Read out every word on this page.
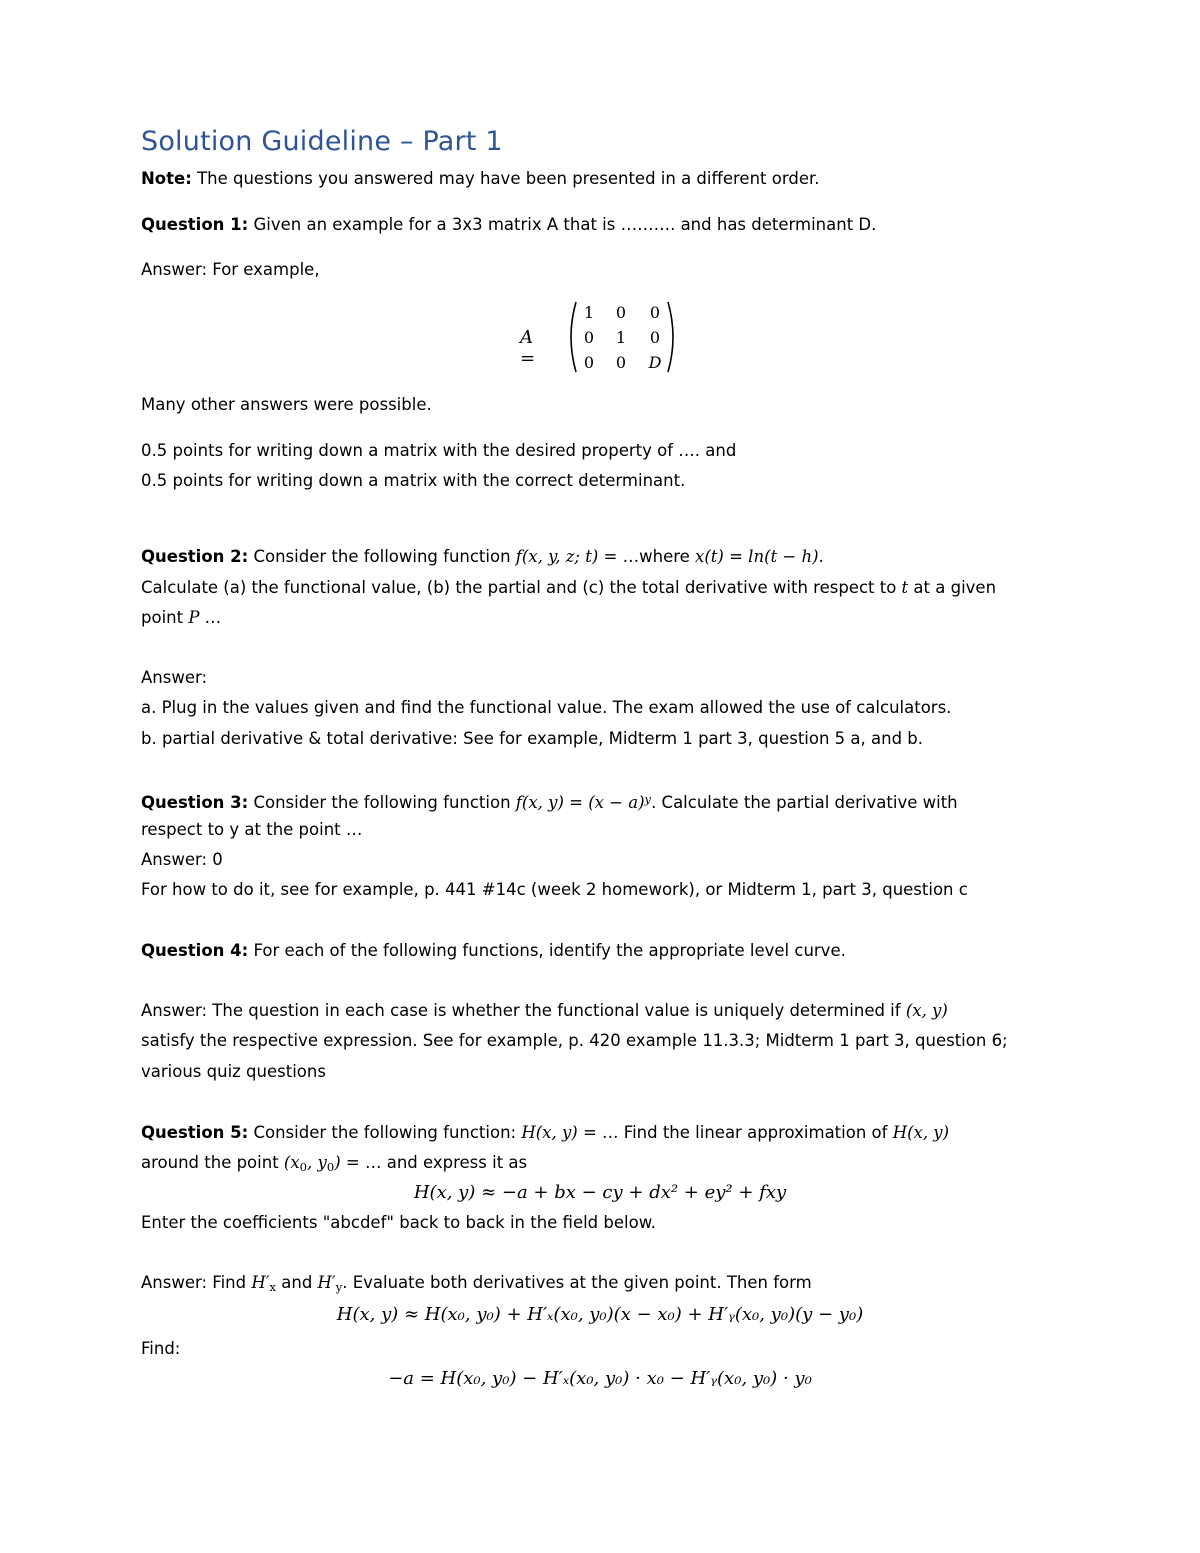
Solution Guideline – Part 1
Note: The questions you answered may have been presented in a different order.
Question 1: Given an example for a 3x3 matrix A that is ………. and has determinant D.
Answer: For example,
A =
1	0	0
0	1	0
0	0	D
Many other answers were possible.
0.5 points for writing down a matrix with the desired property of …. and
0.5 points for writing down a matrix with the correct determinant.
Question 2: Consider the following function f(x, y, z; t) = …where x(t) = ln(t − h).
Calculate (a) the functional value, (b) the partial and (c) the total derivative with respect to t at a given
point P …
Answer:
a. Plug in the values given and find the functional value. The exam allowed the use of calculators.
b. partial derivative & total derivative: See for example, Midterm 1 part 3, question 5 a, and b.
Question 3: Consider the following function f(x, $y) = (x - a)^y$. Calculate the partial derivative with
respect to y at the point …
Answer: 0
For how to do it, see for example, p. 441 #14c (week 2 homework), or Midterm 1, part 3, question c
Question 4: For each of the following functions, identify the appropriate level curve.
Answer: The question in each case is whether the functional value is uniquely determined if (x, y)
satisfy the respective expression. See for example, p. 420 example 11.3.3; Midterm 1 part 3, question 6;
various quiz questions
Question 5: Consider the following function: H(x, y) = … Find the linear approximation of H(x, y)
around the point ($x_0$, $y_0$) = … and express it as
H(x, y) ≈ −a + bx − cy + dx² + ey² + fxy
Enter the coefficients "abcdef" back to back in the field below.
Answer: Find $H'_x$ and $H'_y$. Evaluate both derivatives at the given point. Then form
H(x, y) ≈ H(x₀, y₀) + H′ₓ(x₀, y₀)(x − x₀) + H′ᵧ(x₀, y₀)(y − y₀)
Find:
−a = H(x₀, y₀) − H′ₓ(x₀, y₀) · x₀ − H′ᵧ(x₀, y₀) · y₀
